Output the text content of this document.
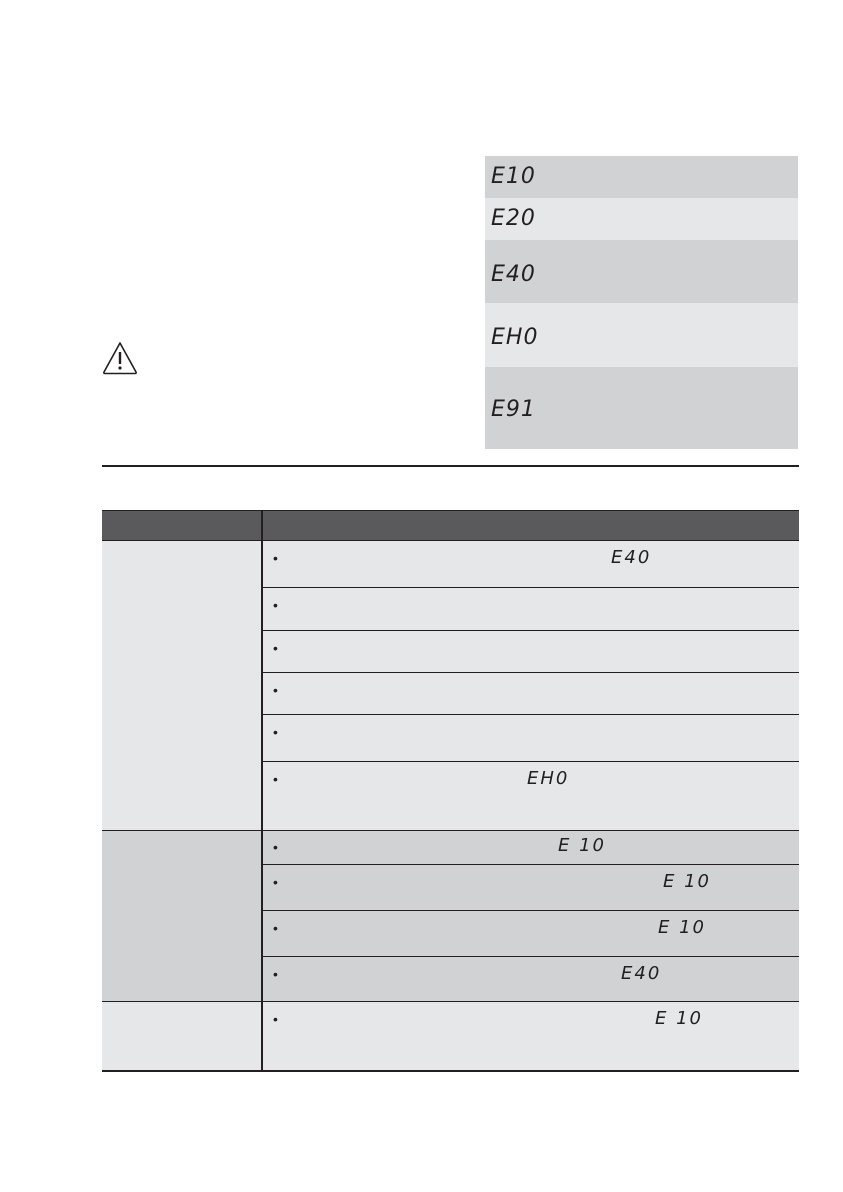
E10
E20
E40
EH0
E91
•	E40
•
•
•
•
•	EH0
•	E 10
•	E 10
•	E 10
•	E40
•	E 10
